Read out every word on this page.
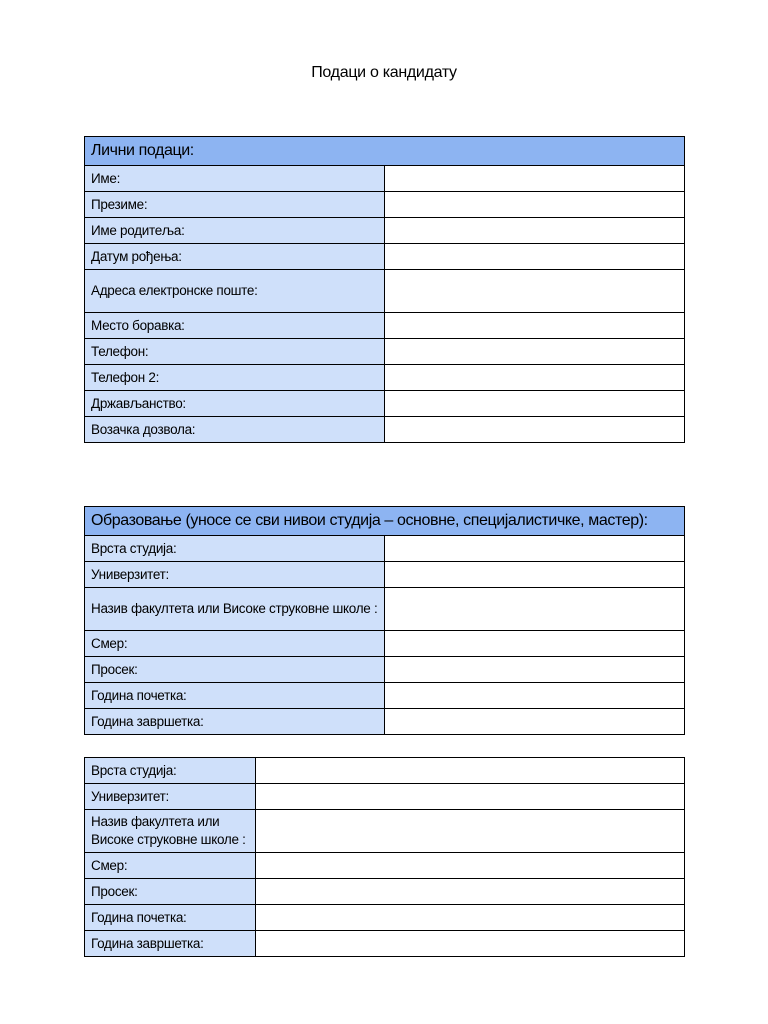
Подаци о кандидату
Лични подаци:	
Име:	
Презиме:	
Име родитеља:	
Датум рођења:	
Адреса електронске поште:	
Место боравка:	
Телефон:	
Телефон 2:	
Држављанство:	
Возачка дозвола:	
Образовање (уносе се сви нивои студија – основне, специјалистичке, мастер):	
Врста студија:	
Универзитет:	
Назив факултета или Високе струковне школе :	
Смер:	
Просек:	
Година почетка:	
Година завршетка:	
Врста студија:	
Универзитет:	
Назив факултета или Високе струковне школе :	
Смер:	
Просек:	
Година почетка:	
Година завршетка:	
